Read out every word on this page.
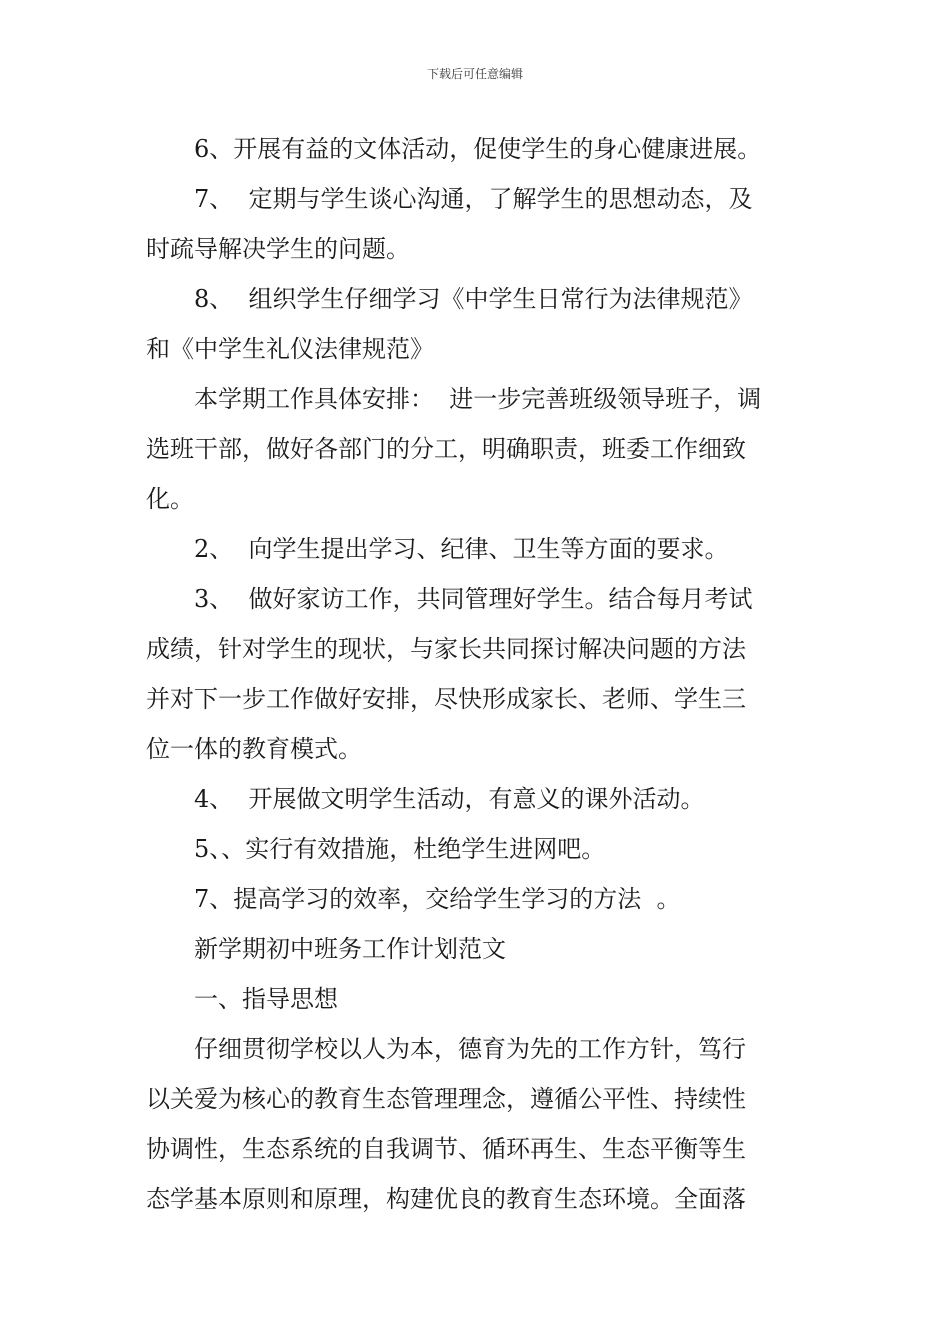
下载后可任意编辑
6、开展有益的文体活动，促使学生的身心健康进展。
7、  定期与学生谈心沟通，了解学生的思想动态，及
时疏导解决学生的问题。
8、  组织学生仔细学习《中学生日常行为法律规范》
和《中学生礼仪法律规范》
本学期工作具体安排：  进一步完善班级领导班子，调
选班干部，做好各部门的分工，明确职责，班委工作细致
化。
2、  向学生提出学习、纪律、卫生等方面的要求。
3、  做好家访工作，共同管理好学生。结合每月考试
成绩，针对学生的现状，与家长共同探讨解决问题的方法
并对下一步工作做好安排，尽快形成家长、老师、学生三
位一体的教育模式。
4、  开展做文明学生活动，有意义的课外活动。
5、、实行有效措施，杜绝学生进网吧。
7、提高学习的效率，交给学生学习的方法  。
新学期初中班务工作计划范文
一、指导思想
仔细贯彻学校以人为本，德育为先的工作方针，笃行
以关爱为核心的教育生态管理理念，遵循公平性、持续性
协调性，生态系统的自我调节、循环再生、生态平衡等生
态学基本原则和原理，构建优良的教育生态环境。全面落
